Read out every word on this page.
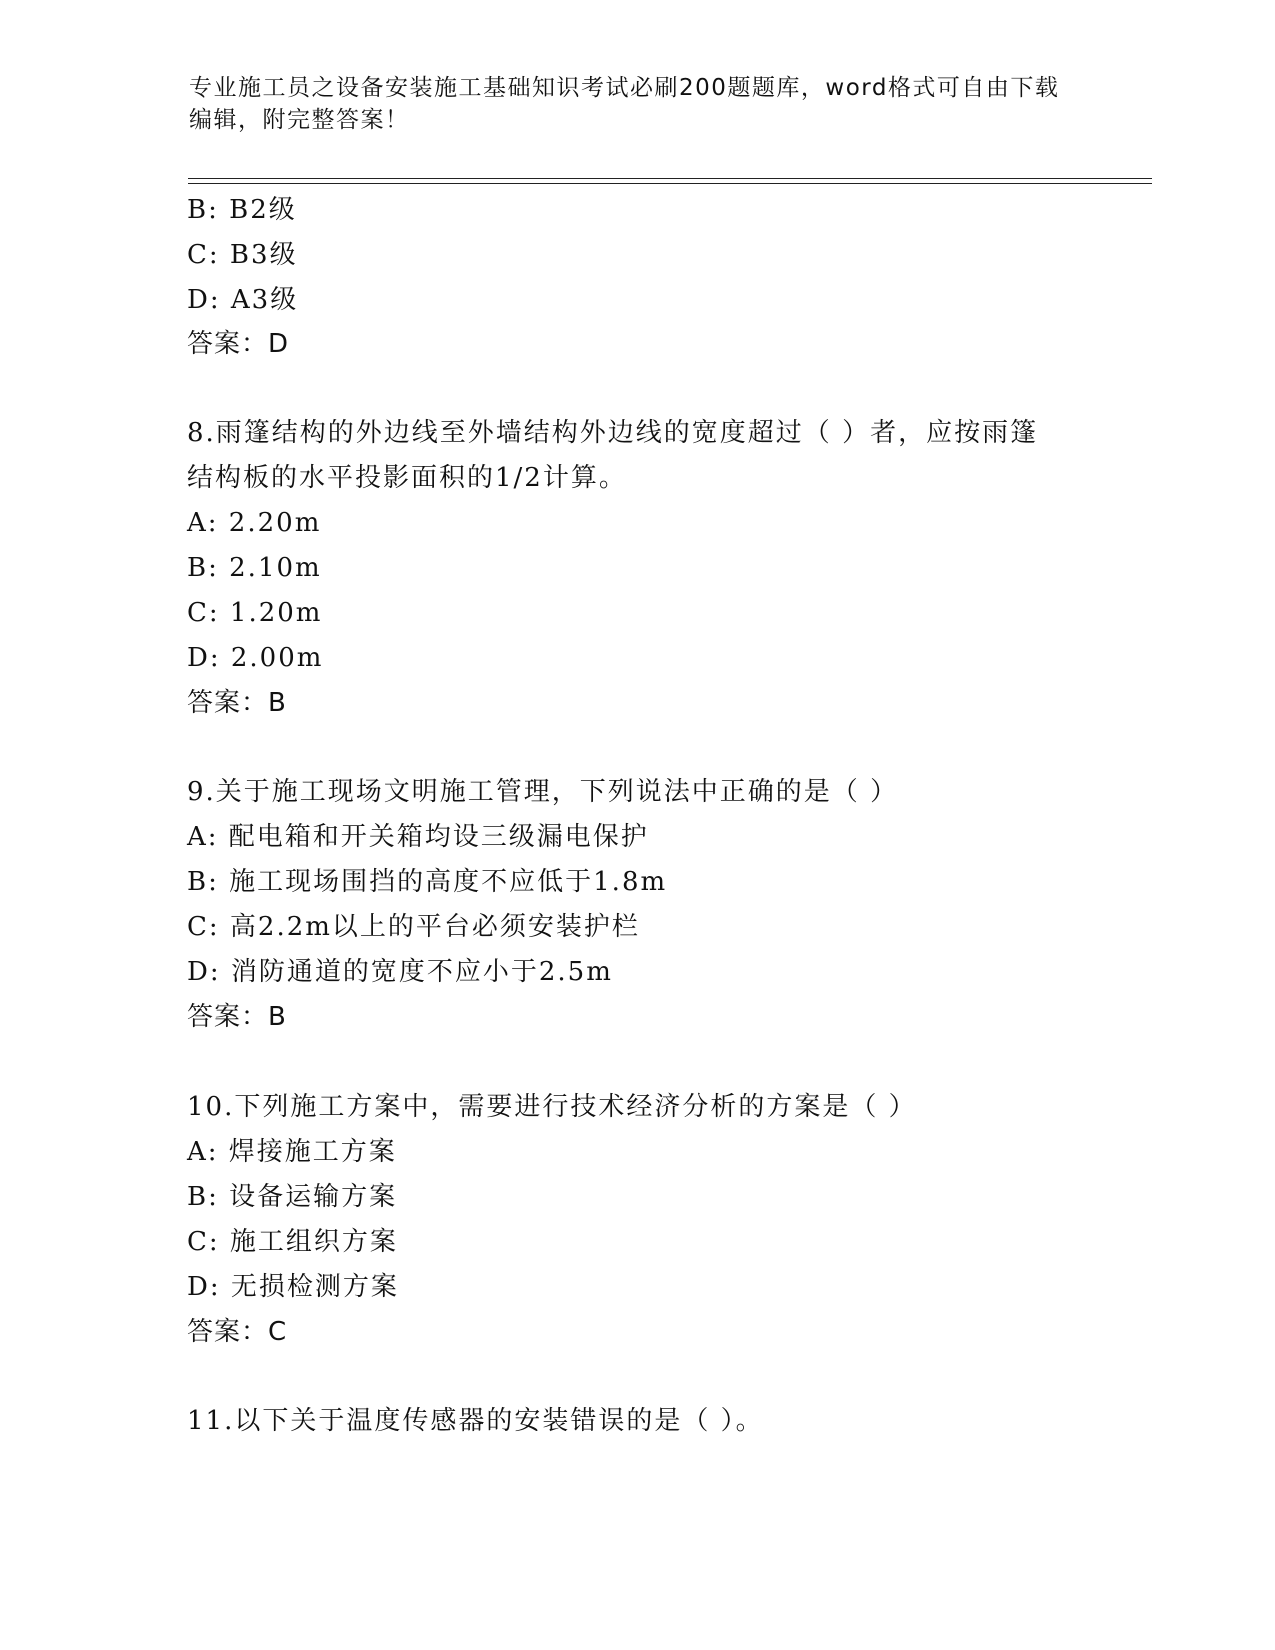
专业施工员之设备安装施工基础知识考试必刷200题题库，word格式可自由下载
编辑，附完整答案！
B: B2级
C: B3级
D: A3级
答案：D
8.雨篷结构的外边线至外墙结构外边线的宽度超过（ ）者，应按雨篷
结构板的水平投影面积的1/2计算。
A: 2.20m
B: 2.10m
C: 1.20m
D: 2.00m
答案：B
9.关于施工现场文明施工管理，下列说法中正确的是（ ）
A: 配电箱和开关箱均设三级漏电保护
B: 施工现场围挡的高度不应低于1.8m
C: 高2.2m以上的平台必须安装护栏
D: 消防通道的宽度不应小于2.5m
答案：B
10.下列施工方案中，需要进行技术经济分析的方案是（ ）
A: 焊接施工方案
B: 设备运输方案
C: 施工组织方案
D: 无损检测方案
答案：C
11.以下关于温度传感器的安装错误的是（ ）。
